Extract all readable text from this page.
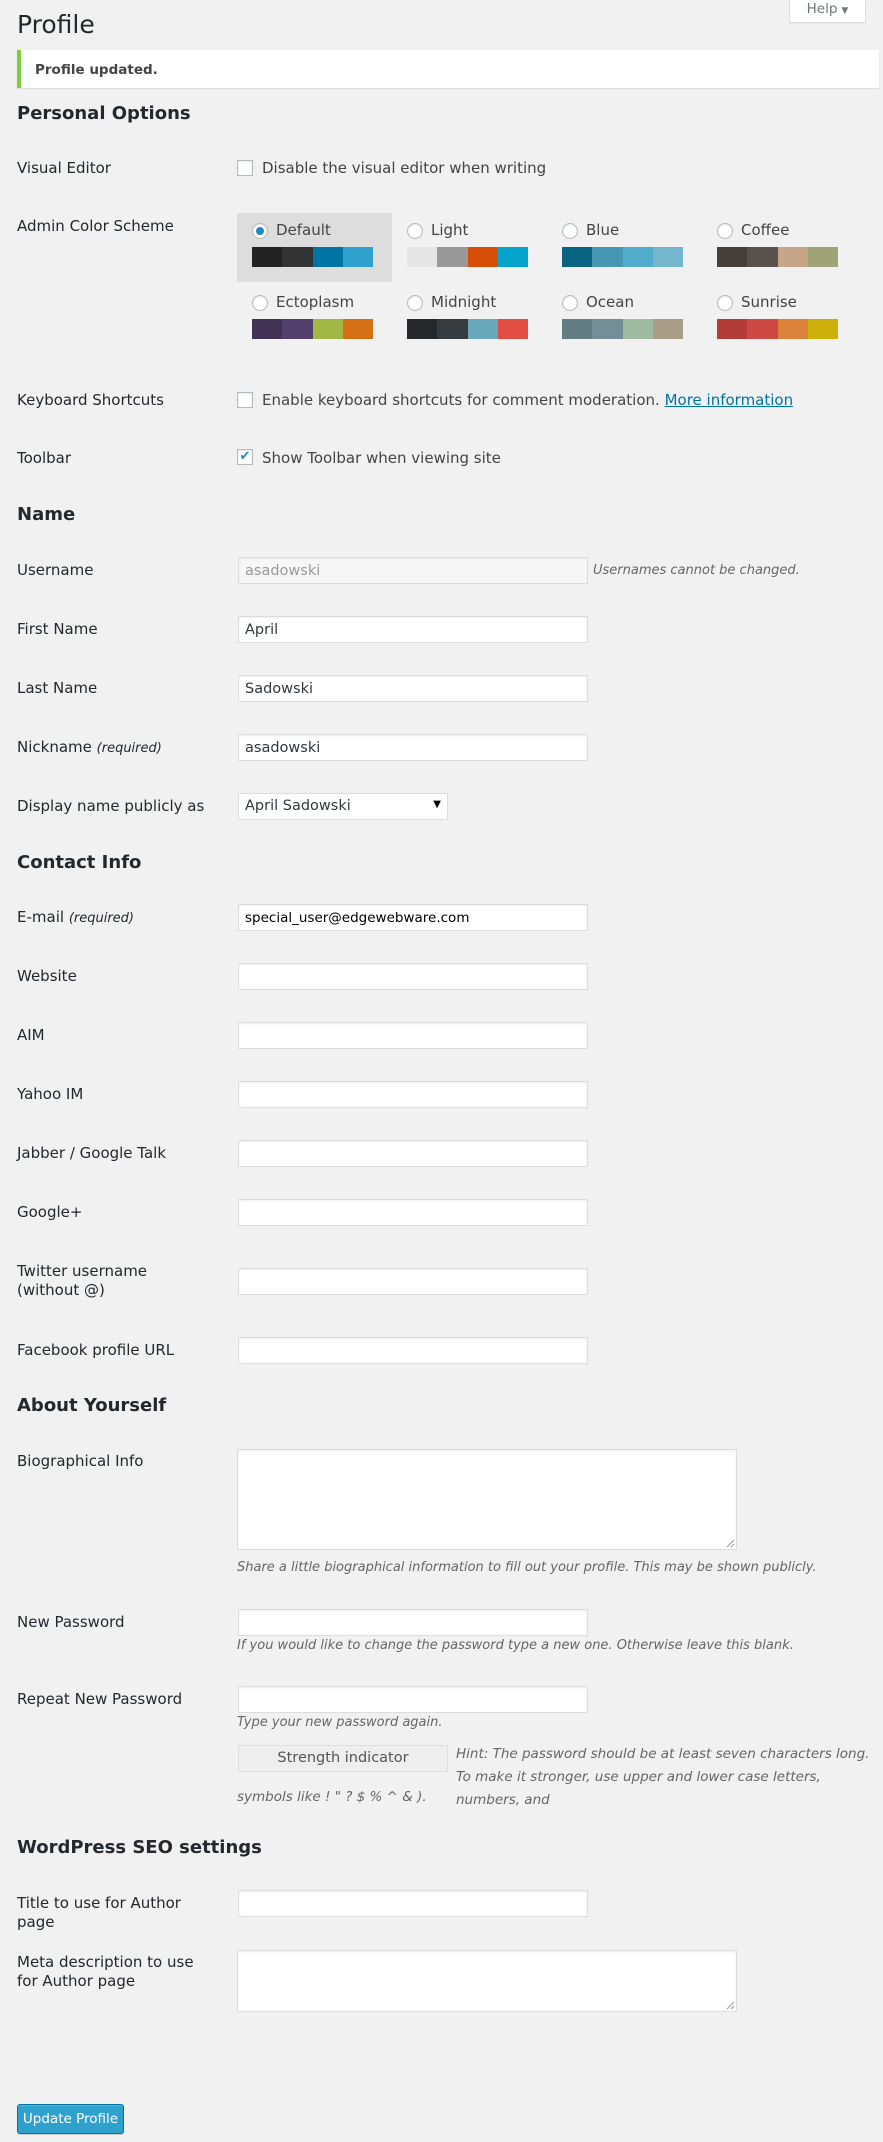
Profile
Help ▼
Profile updated.
Personal Options
Visual Editor	Disable the visual editor when writing
Admin Color Scheme	Default	Light	Blue	Coffee
Ectoplasm	Midnight	Ocean	Sunrise
Keyboard Shortcuts	Enable keyboard shortcuts for comment moderation. More information
Toolbar	✔ Show Toolbar when viewing site
Name
Username	asadowski	Usernames cannot be changed.
First Name	April
Last Name	Sadowski
Nickname (required)	asadowski
Display name publicly as	April Sadowski	▼
Contact Info
E-mail (required)	special_user@edgewebware.com
Website
AIM
Yahoo IM
Jabber / Google Talk
Google+
Twitter username (without @)
Facebook profile URL
About Yourself
Biographical Info
Share a little biographical information to fill out your profile. This may be shown publicly.
New Password
If you would like to change the password type a new one. Otherwise leave this blank.
Repeat New Password
Type your new password again.
Strength indicator	Hint: The password should be at least seven characters long. To make it stronger, use upper and lower case letters, numbers, and
symbols like ! " ? $ % ^ & ).
WordPress SEO settings
Title to use for Author page
Meta description to use for Author page
Update Profile
